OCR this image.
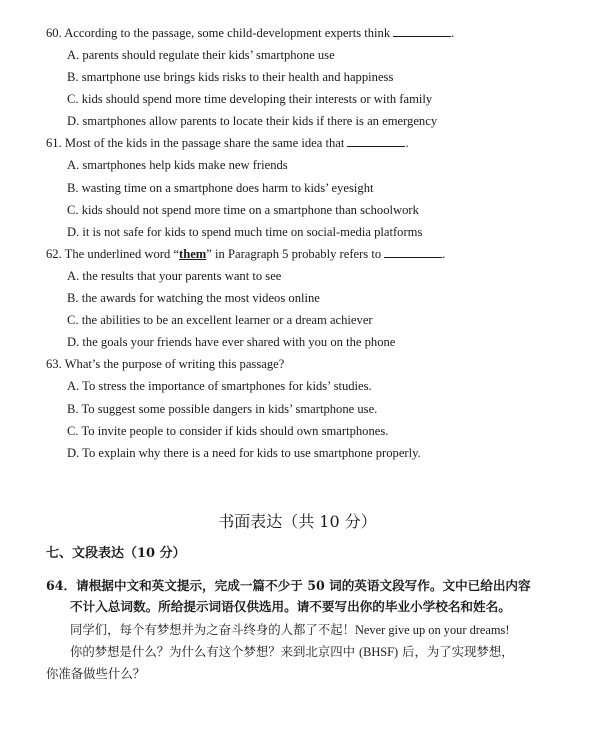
60. According to the passage, some child-development experts think	.
A. parents should regulate their kids’ smartphone use
B. smartphone use brings kids risks to their health and happiness
C. kids should spend more time developing their interests or with family
D. smartphones allow parents to locate their kids if there is an emergency
61. Most of the kids in the passage share the same idea that	.
A. smartphones help kids make new friends
B. wasting time on a smartphone does harm to kids’ eyesight
C. kids should not spend more time on a smartphone than schoolwork
D. it is not safe for kids to spend much time on social-media platforms
62. The underlined word “them” in Paragraph 5 probably refers to	.
A. the results that your parents want to see
B. the awards for watching the most videos online
C. the abilities to be an excellent learner or a dream achiever
D. the goals your friends have ever shared with you on the phone
63. What’s the purpose of writing this passage?
A. To stress the importance of smartphones for kids’ studies.
B. To suggest some possible dangers in kids’ smartphone use.
C. To invite people to consider if kids should own smartphones.
D. To explain why there is a need for kids to use smartphone properly.
书面表达（共 10 分）
七、文段表达（10 分）
64．请根据中文和英文提示，完成一篇不少于 50 词的英语文段写作。文中已给出内容
不计入总词数。所给提示词语仅供选用。请不要写出你的毕业小学校名和姓名。
同学们，每个有梦想并为之奋斗终身的人都了不起！Never give up on your dreams!
你的梦想是什么？为什么有这个梦想？来到北京四中 (BHSF) 后，为了实现梦想，
你准备做些什么？
